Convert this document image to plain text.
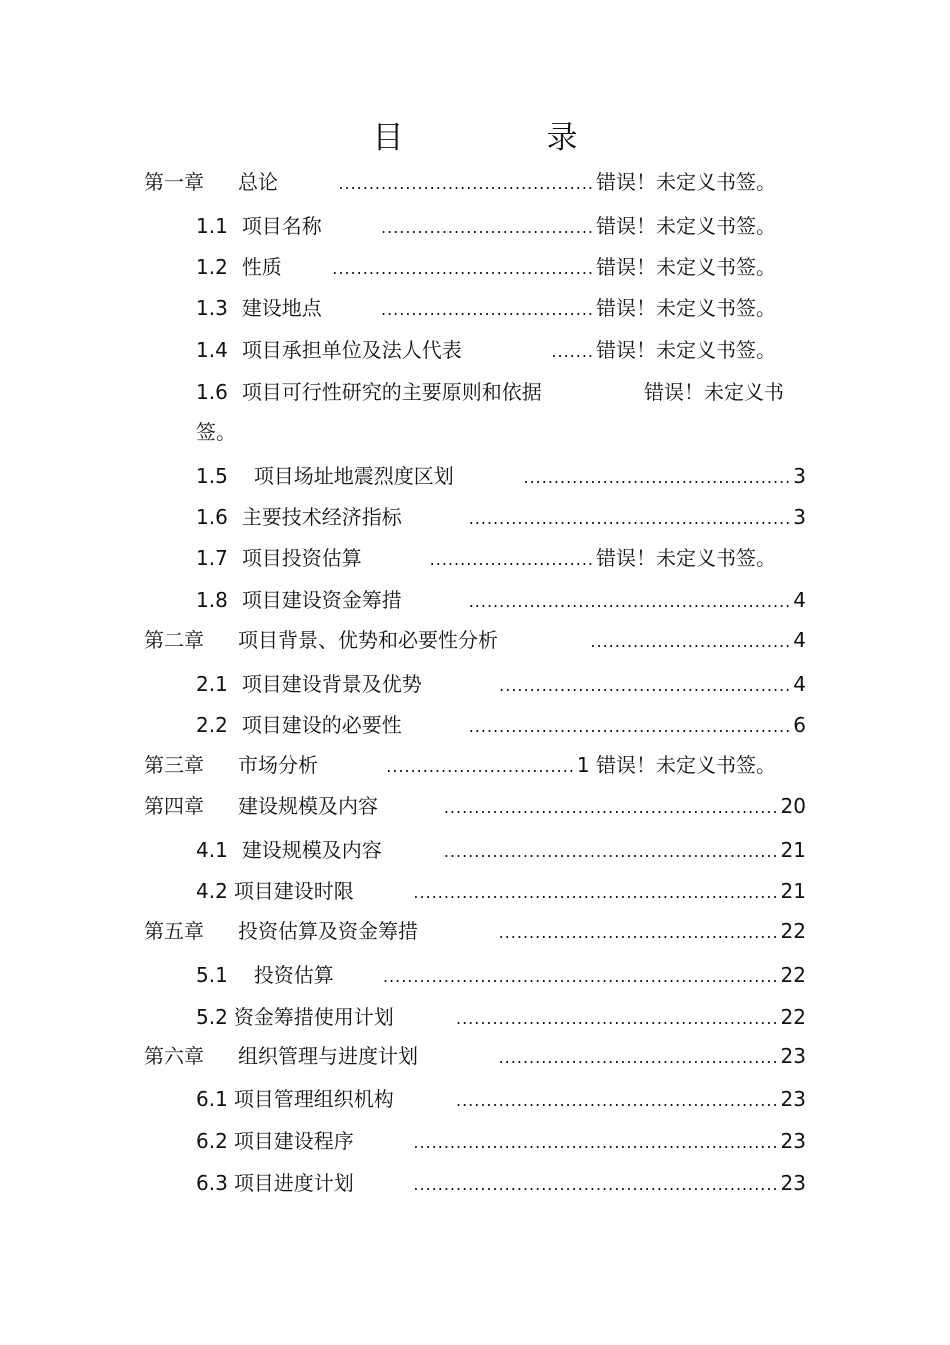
目　录
第一章 总论	.......................................... 错误！未定义书签。
1.1 项目名称	................................... 错误！未定义书签。
1.2 性质	........................................... 错误！未定义书签。
1.3 建设地点	................................... 错误！未定义书签。
1.4 项目承担单位及法人代表	....... 错误！未定义书签。
1.6 项目可行性研究的主要原则和依据	错误！未定义书
签。
1.5 项目场址地震烈度区划	............................................ 3
1.6 主要技术经济指标	..................................................... 3
1.7 项目投资估算	........................... 错误！未定义书签。
1.8 项目建设资金筹措	..................................................... 4
第二章 项目背景、优势和必要性分析	................................. 4
2.1 项目建设背景及优势	................................................ 4
2.2 项目建设的必要性	..................................................... 6
第三章 市场分析	............................... 1 错误！未定义书签。
第四章 建设规模及内容	....................................................... 20
4.1 建设规模及内容	....................................................... 21
4.2 项目建设时限	............................................................ 21
第五章 投资估算及资金筹措	.............................................. 22
5.1 投资估算	................................................................. 22
5.2 资金筹措使用计划	..................................................... 22
第六章 组织管理与进度计划	.............................................. 23
6.1 项目管理组织机构	..................................................... 23
6.2 项目建设程序	............................................................ 23
6.3 项目进度计划	............................................................ 23
